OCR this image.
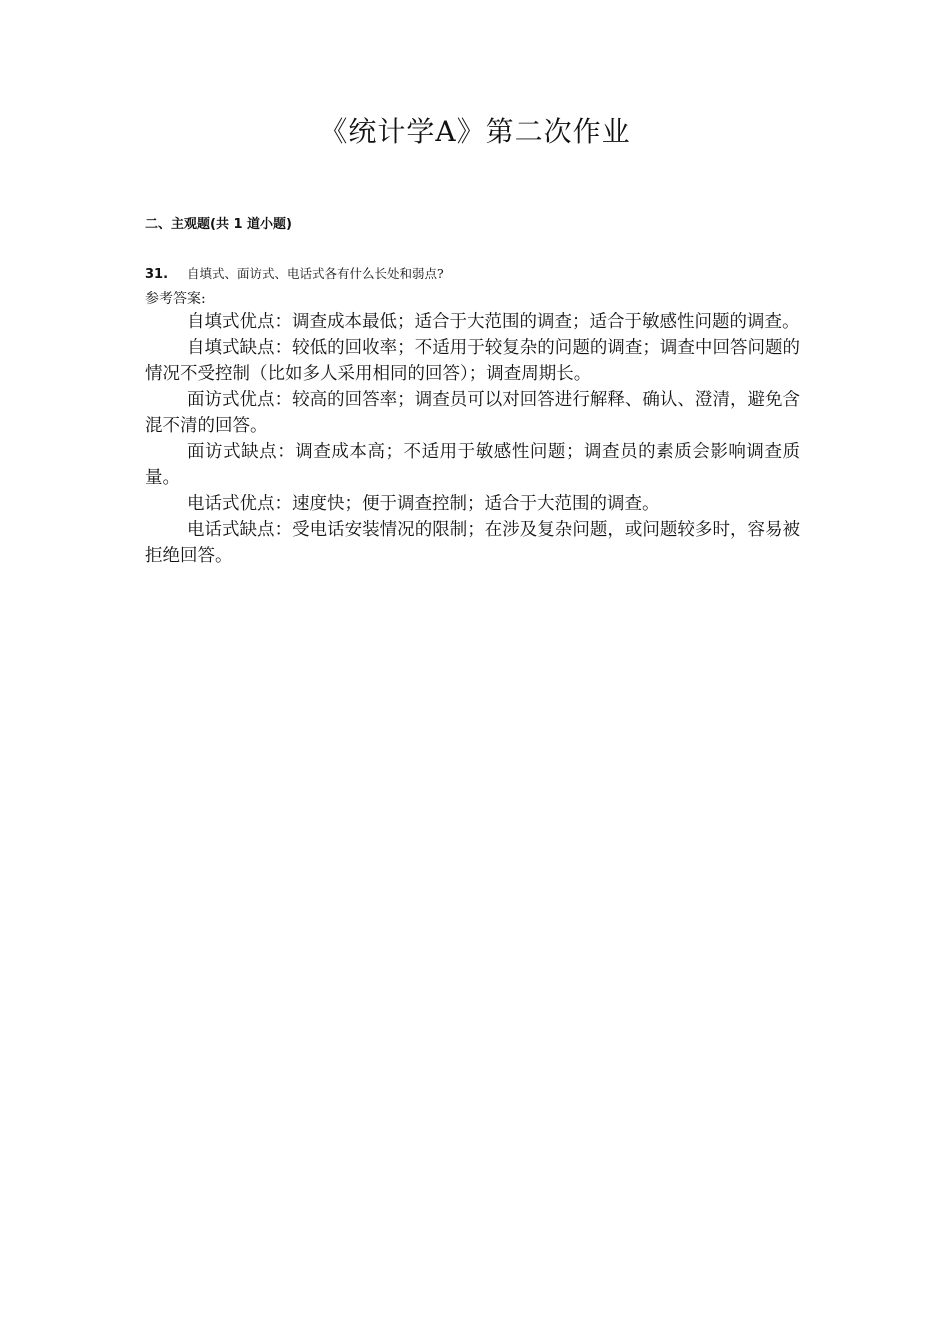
《统计学A》第二次作业
二、主观题(共 1 道小题)
31. 自填式、面访式、电话式各有什么长处和弱点?
参考答案:

自填式优点：调查成本最低；适合于大范围的调查；适合于敏感性问题的调查。

自填式缺点：较低的回收率；不适用于较复杂的问题的调查；调查中回答问题的情况不受控制（比如多人采用相同的回答）；调查周期长。

面访式优点：较高的回答率；调查员可以对回答进行解释、确认、澄清，避免含混不清的回答。

面访式缺点：调查成本高；不适用于敏感性问题；调查员的素质会影响调查质量。

电话式优点：速度快；便于调查控制；适合于大范围的调查。

电话式缺点：受电话安装情况的限制；在涉及复杂问题，或问题较多时，容易被拒绝回答。
